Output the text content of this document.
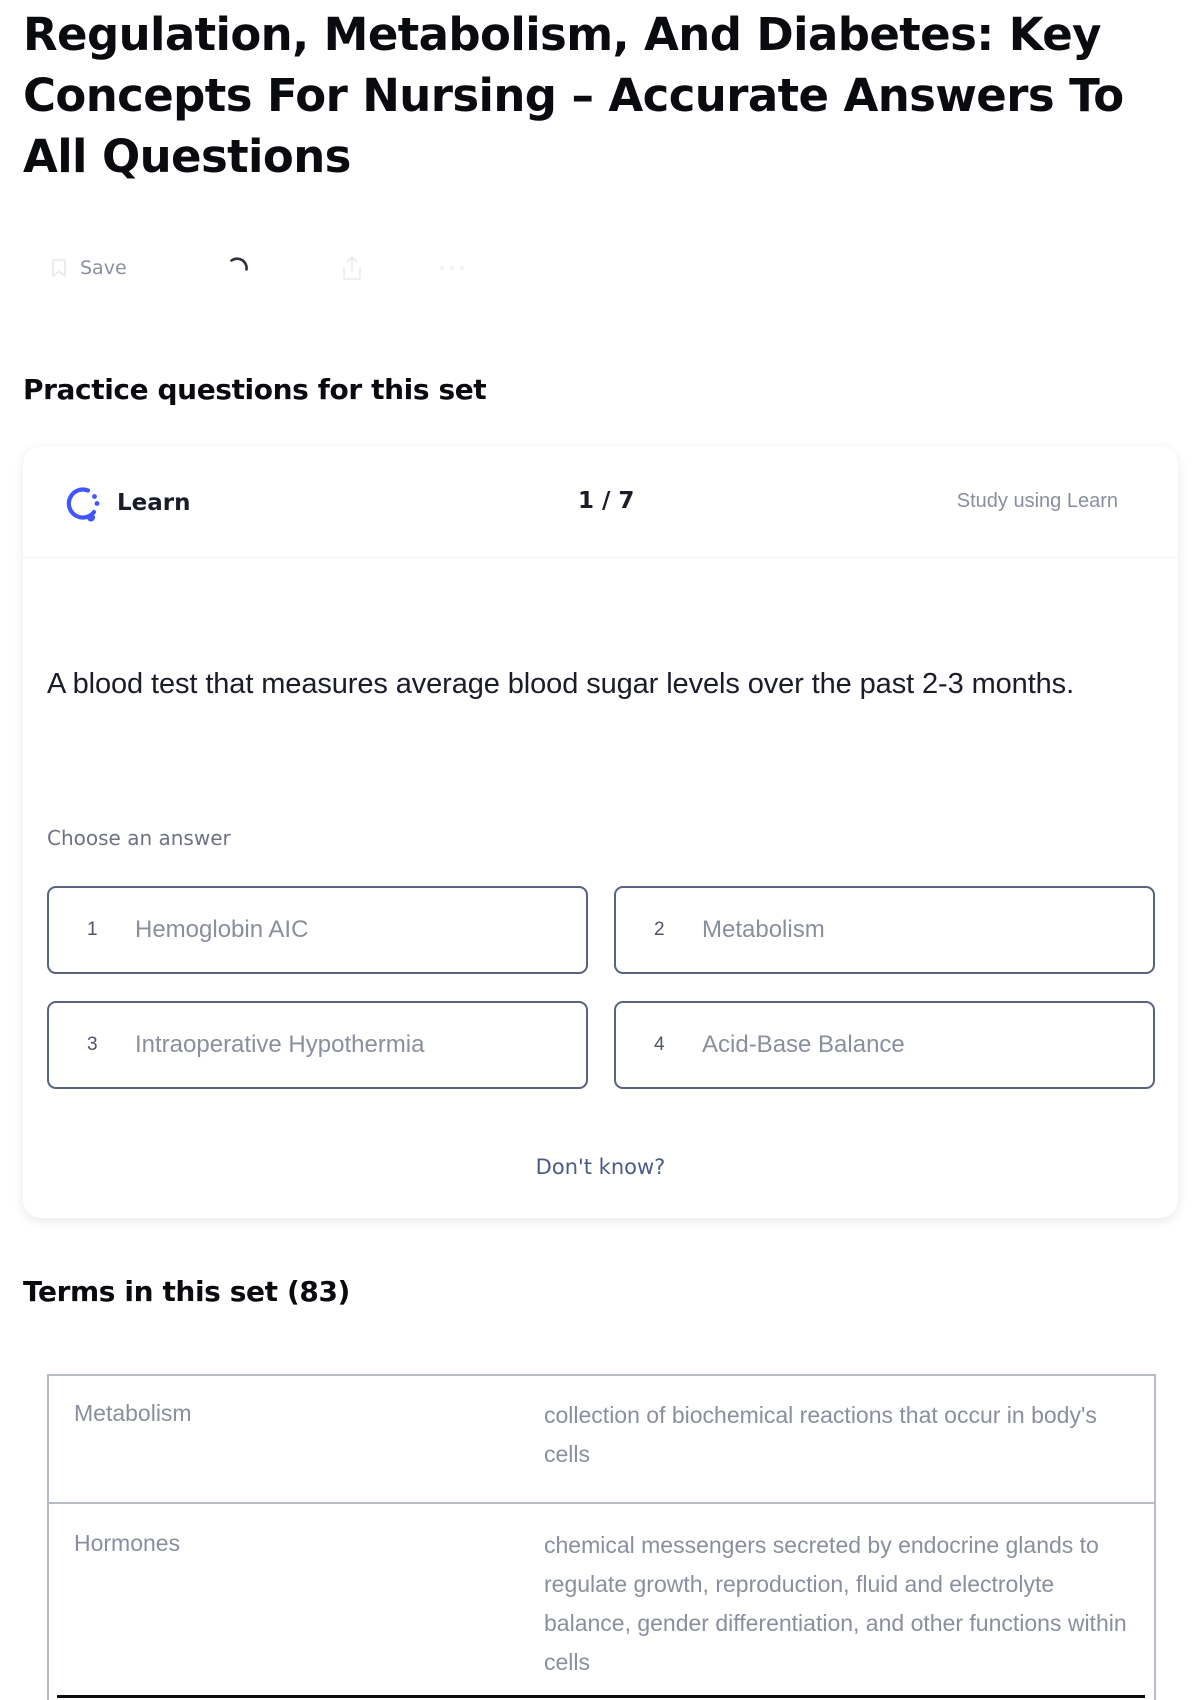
Regulation, Metabolism, And Diabetes: Key Concepts For Nursing – Accurate Answers To All Questions
Save
Practice questions for this set
Learn	1 / 7	Study using Learn

A blood test that measures average blood sugar levels over the past 2-3 months.

Choose an answer
1 Hemoglobin AIC	2 Metabolism
3 Intraoperative Hypothermia	4 Acid-Base Balance
Don't know?
Terms in this set (83)
Metabolism	collection of biochemical reactions that occur in body's cells
Hormones	chemical messengers secreted by endocrine glands to regulate growth, reproduction, fluid and electrolyte balance, gender differentiation, and other functions within cells
